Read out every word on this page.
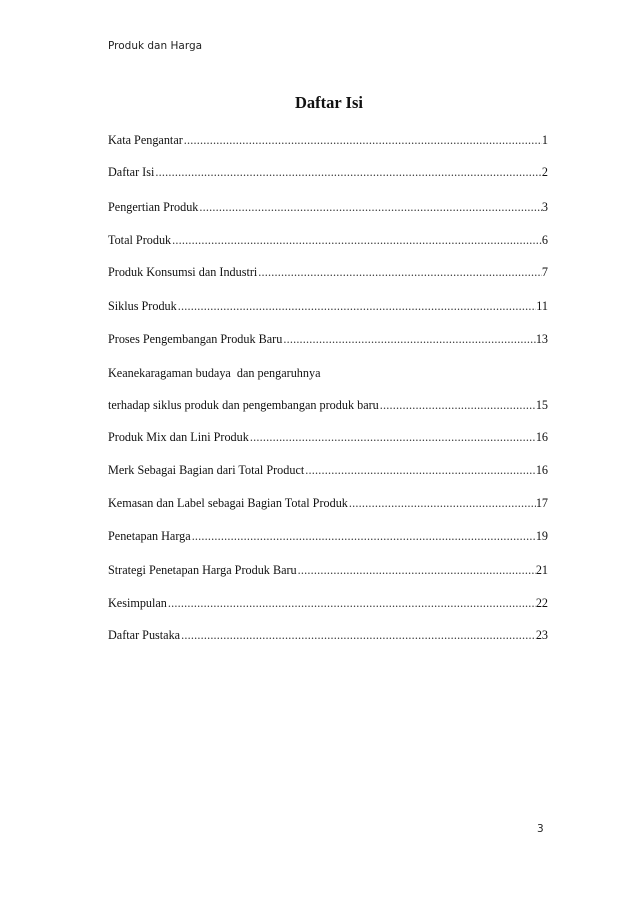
Produk dan Harga
Daftar Isi
Kata Pengantar .....	1
Daftar Isi .....	2
Pengertian Produk .....	3
Total Produk .....	6
Produk Konsumsi dan Industri .....	7
Siklus Produk .....	11
Proses Pengembangan Produk Baru .....	13
Keanekaragaman budaya  dan pengaruhnya
terhadap siklus produk dan pengembangan produk baru .....	15
Produk Mix dan Lini Produk .....	16
Merk Sebagai Bagian dari Total Product .....	16
Kemasan dan Label sebagai Bagian Total Produk .....	17
Penetapan Harga .....	19
Strategi Penetapan Harga Produk Baru .....	21
Kesimpulan .....	22
Daftar Pustaka .....	23
3
